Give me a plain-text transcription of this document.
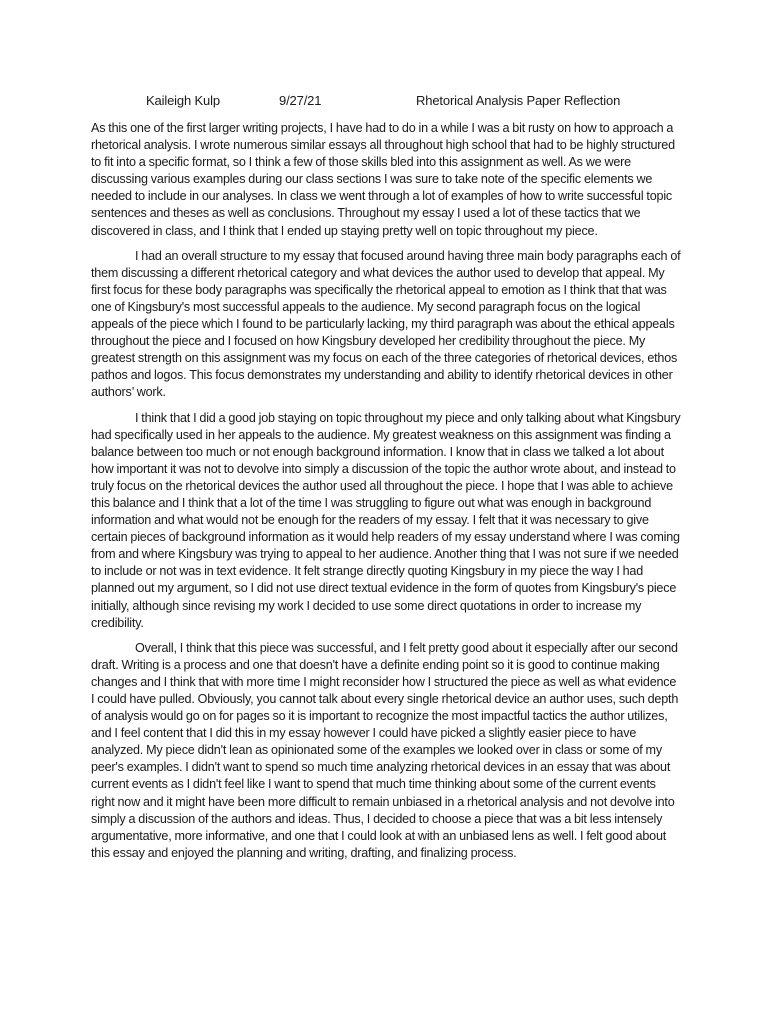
Kaileigh Kulp	9/27/21	Rhetorical Analysis Paper Reflection

As this one of the first larger writing projects, I have had to do in a while I was a bit rusty on how to approach a rhetorical analysis. I wrote numerous similar essays all throughout high school that had to be highly structured to fit into a specific format, so I think a few of those skills bled into this assignment as well. As we were discussing various examples during our class sections I was sure to take note of the specific elements we needed to include in our analyses. In class we went through a lot of examples of how to write successful topic sentences and theses as well as conclusions. Throughout my essay I used a lot of these tactics that we discovered in class, and I think that I ended up staying pretty well on topic throughout my piece.

I had an overall structure to my essay that focused around having three main body paragraphs each of them discussing a different rhetorical category and what devices the author used to develop that appeal. My first focus for these body paragraphs was specifically the rhetorical appeal to emotion as I think that that was one of Kingsbury's most successful appeals to the audience. My second paragraph focus on the logical appeals of the piece which I found to be particularly lacking, my third paragraph was about the ethical appeals throughout the piece and I focused on how Kingsbury developed her credibility throughout the piece. My greatest strength on this assignment was my focus on each of the three categories of rhetorical devices, ethos pathos and logos. This focus demonstrates my understanding and ability to identify rhetorical devices in other authors’ work.

I think that I did a good job staying on topic throughout my piece and only talking about what Kingsbury had specifically used in her appeals to the audience. My greatest weakness on this assignment was finding a balance between too much or not enough background information. I know that in class we talked a lot about how important it was not to devolve into simply a discussion of the topic the author wrote about, and instead to truly focus on the rhetorical devices the author used all throughout the piece. I hope that I was able to achieve this balance and I think that a lot of the time I was struggling to figure out what was enough in background information and what would not be enough for the readers of my essay. I felt that it was necessary to give certain pieces of background information as it would help readers of my essay understand where I was coming from and where Kingsbury was trying to appeal to her audience. Another thing that I was not sure if we needed to include or not was in text evidence. It felt strange directly quoting Kingsbury in my piece the way I had planned out my argument, so I did not use direct textual evidence in the form of quotes from Kingsbury's piece initially, although since revising my work I decided to use some direct quotations in order to increase my credibility.

Overall, I think that this piece was successful, and I felt pretty good about it especially after our second draft. Writing is a process and one that doesn't have a definite ending point so it is good to continue making changes and I think that with more time I might reconsider how I structured the piece as well as what evidence I could have pulled. Obviously, you cannot talk about every single rhetorical device an author uses, such depth of analysis would go on for pages so it is important to recognize the most impactful tactics the author utilizes, and I feel content that I did this in my essay however I could have picked a slightly easier piece to have analyzed. My piece didn't lean as opinionated some of the examples we looked over in class or some of my peer's examples. I didn't want to spend so much time analyzing rhetorical devices in an essay that was about current events as I didn't feel like I want to spend that much time thinking about some of the current events right now and it might have been more difficult to remain unbiased in a rhetorical analysis and not devolve into simply a discussion of the authors and ideas. Thus, I decided to choose a piece that was a bit less intensely argumentative, more informative, and one that I could look at with an unbiased lens as well. I felt good about this essay and enjoyed the planning and writing, drafting, and finalizing process.
